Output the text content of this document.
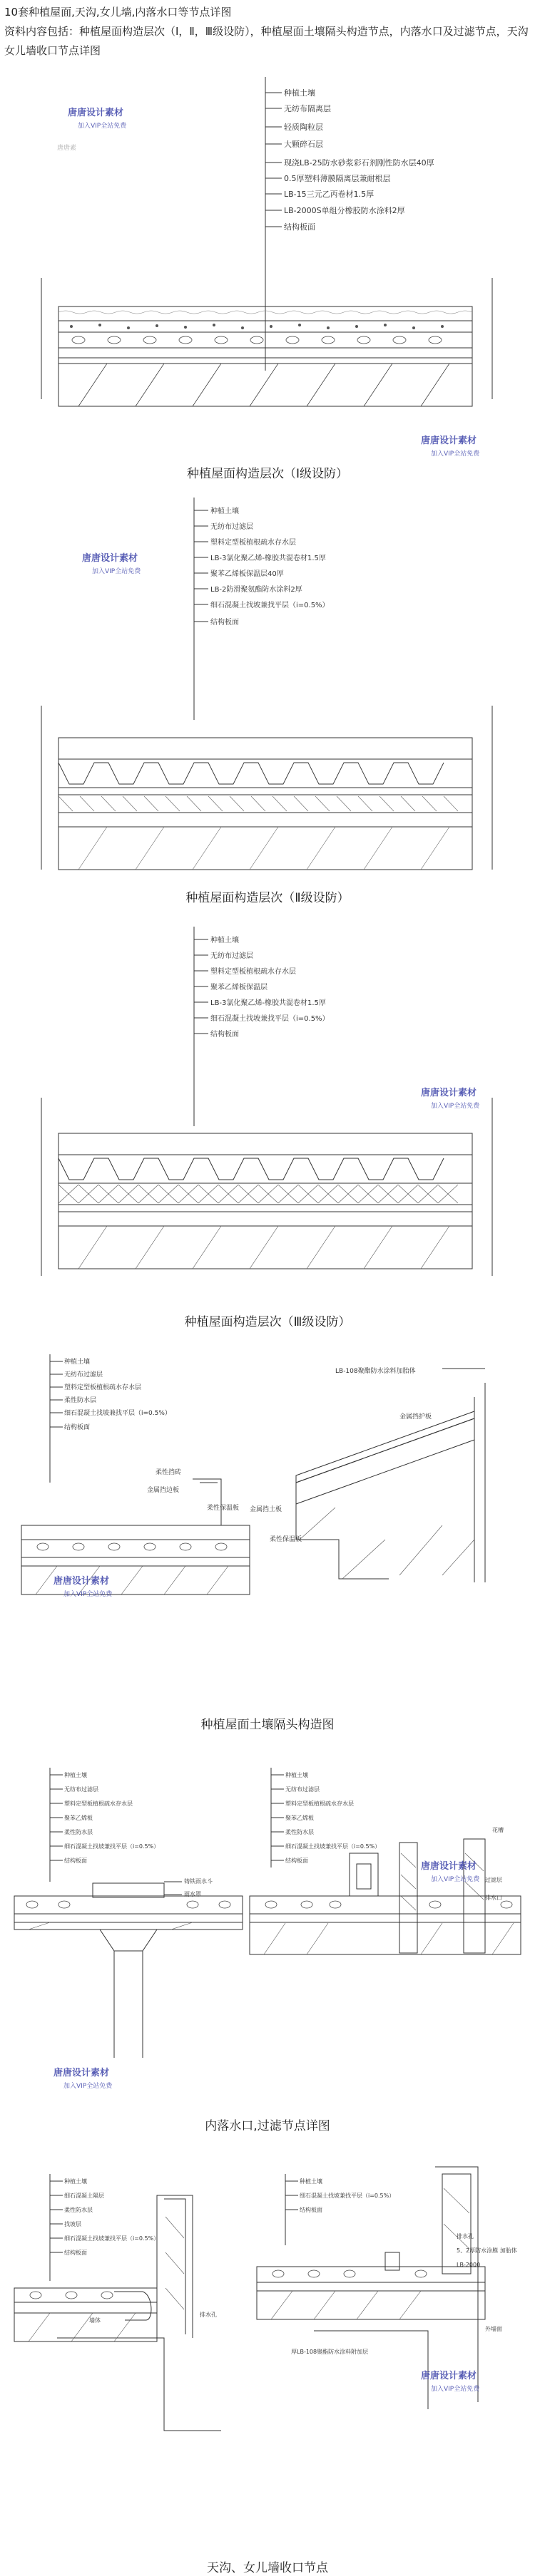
10套种植屋面,天沟,女儿墙,内落水口等节点详图
资料内容包括：种植屋面构造层次（Ⅰ，Ⅱ，Ⅲ级设防），种植屋面土壤隔头构造节点，内落水口及过滤节点，天沟女儿墙收口节点详图
种植土壤
无纺布隔离层
轻质陶粒层
大颗碎石层
现浇LB-25防水砂浆彩石剂刚性防水层40厚
0.5厚塑料薄膜隔离层兼耐根层
LB-15三元乙丙卷材1.5厚
LB-2000S单组分橡胶防水涂料2厚
结构板面
种植屋面构造层次（Ⅰ级设防）
种植土壤
无纺布过滤层
塑料定型板植根疏水存水层
LB-3氯化聚乙烯-橡胶共混卷材1.5厚
聚苯乙烯板保温层40厚
LB-2防滑聚氨酯防水涂料2厚
细石混凝土找坡兼找平层（i=0.5%）
结构板面
种植屋面构造层次（Ⅱ级设防）
种植土壤
无纺布过滤层
塑料定型板植根疏水存水层
聚苯乙烯板保温层
LB-3氯化聚乙烯-橡胶共混卷材1.5厚
细石混凝土找坡兼找平层（i=0.5%）
结构板面
种植屋面构造层次（Ⅲ级设防）
种植土壤
无纺布过滤层
塑料定型板植根疏水存水层
柔性防水层
细石混凝土找坡兼找平层（i=0.5%）
结构板面
柔性挡砖
金属挡边板
柔性保温板
LB-108聚酯防水涂料加胎体
金属挡护板
金属挡土板
柔性保温板
种植屋面土壤隔头构造图
种植土壤
无纺布过滤层
塑料定型板植根疏水存水层
聚苯乙烯板
柔性防水层
细石混凝土找坡兼找平层（i=0.5%）
结构板面
铸铁雨水斗
雨水罩
种植土壤
无纺布过滤层
塑料定型板植根疏水存水层
聚苯乙烯板
柔性防水层
细石混凝土找坡兼找平层（i=0.5%）
结构板面
过滤层
排水口
花槽
内落水口,过滤节点详图
种植土壤
细石混凝土隔层
柔性防水层
找坡层
细石混凝土找坡兼找平层（i=0.5%）
结构板面
墙体
排水孔
种植土壤
细石混凝土找坡兼找平层（i=0.5%）
结构板面
排水孔
5、2厚防水涂膜 加胎体
LB-2000
外墙面
厚LB-108聚酯防水涂料附加层
天沟、女儿墙收口节点
唐唐设计素材
加入VIP全站免费
唐唐素
唐唐设计素材
加入VIP全站免费
唐唐设计素材
加入VIP全站免费
唐唐设计素材
加入VIP全站免费
唐唐设计素材
加入VIP全站免费
唐唐设计素材
加入VIP全站免费
唐唐设计素材
加入VIP全站免费
唐唐设计素材
加入VIP全站免费
